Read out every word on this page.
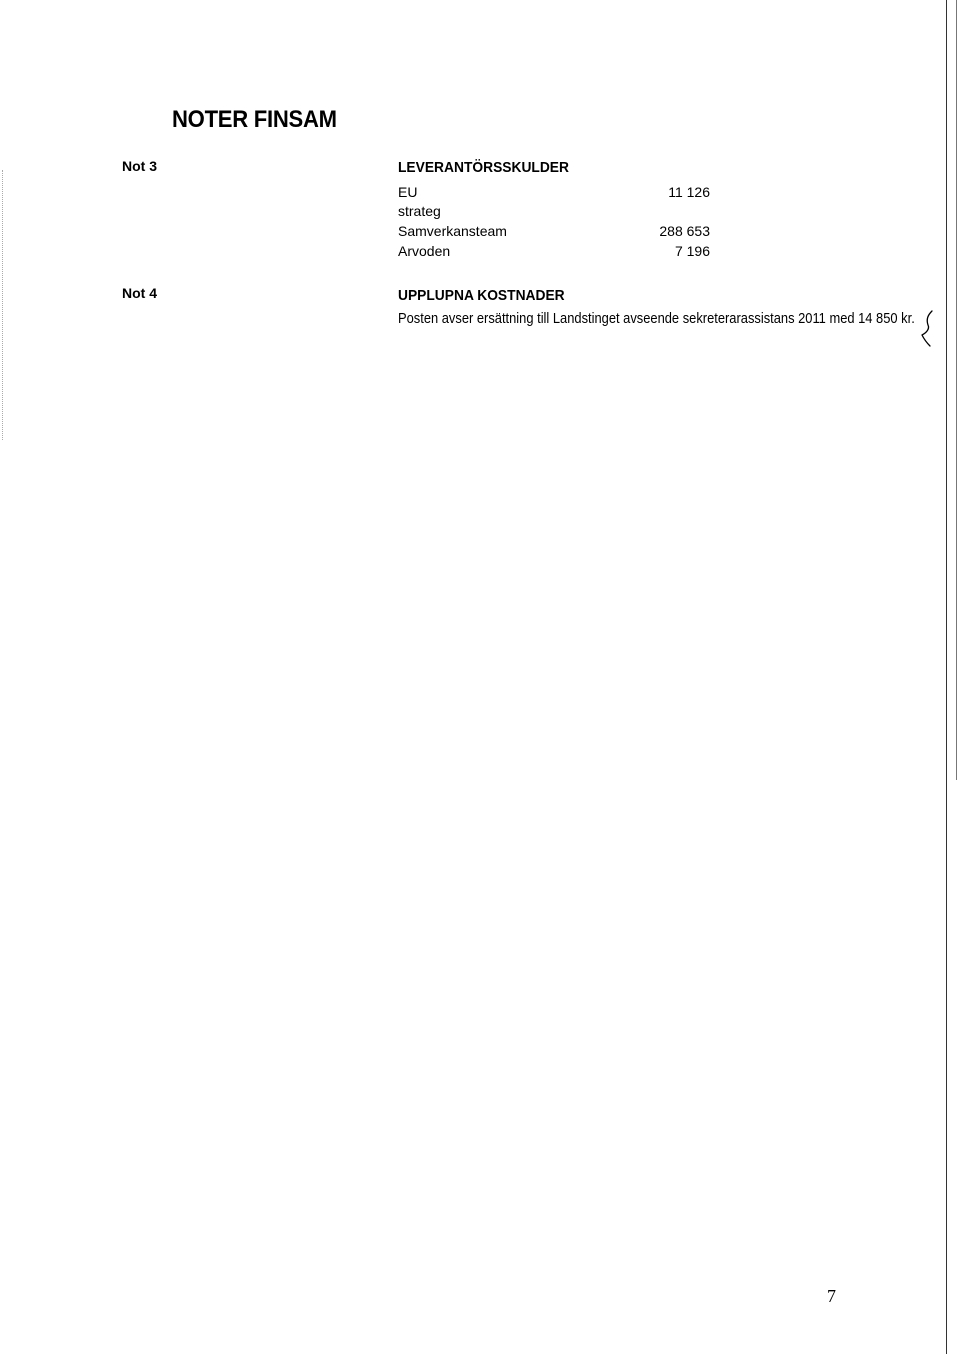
NOTER FINSAM
Not 3	LEVERANTÖRSSKULDER
EU	11 126
strateg
Samverkansteam	288 653
Arvoden	7 196
Not 4	UPPLUPNA KOSTNADER
Posten avser ersättning till Landstinget avseende sekreterarassistans 2011 med 14 850 kr.
7
